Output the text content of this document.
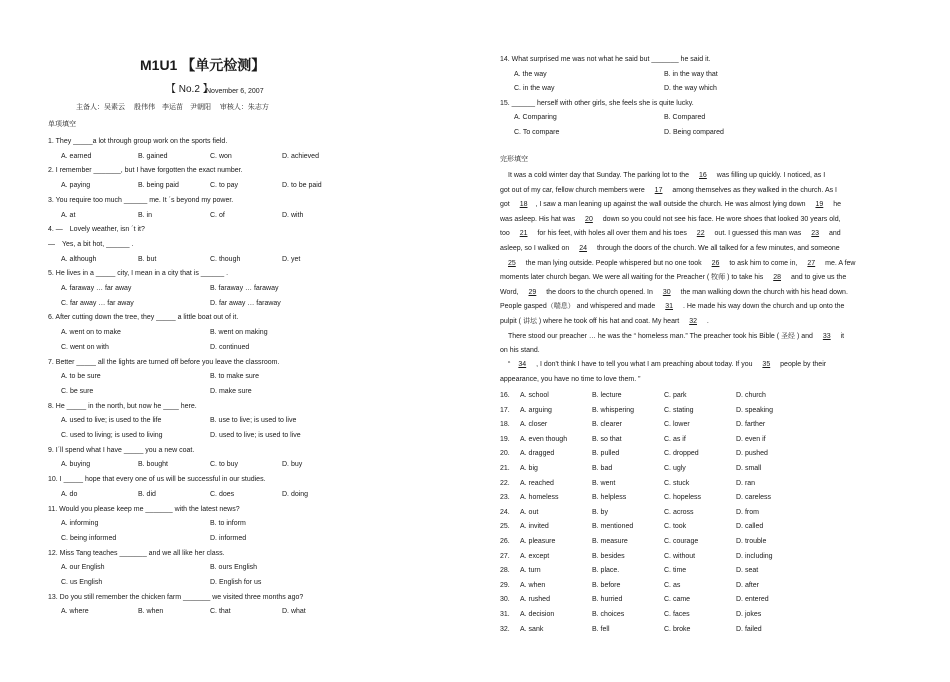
M1U1 【单元检测】
【 No.2 】
November 6, 2007
主备人：吴素云　 殷伟伟　李运苗　尹朝阳　 审核人：朱志方
单项填空
1. They _____a lot through group work on the sports field.
A. earned	B. gained	C. won	D. achieved
2. I remember _______, but I have forgotten the exact number.
A. paying	B. being paid	C. to pay	D. to be paid
3. You require too much ______ me. It ´s beyond my power.
A. at	B. in	C. of	D. with
4. —　Lovely weather, isn ´t it?
—　Yes, a bit hot, ______ .
A. although	B. but	C. though	D. yet
5. He lives in a _____ city, I mean in a city that is ______ .
A. faraway … far away	B. faraway … faraway
C. far away … far away	D. far away … faraway
6. After cutting down the tree, they _____ a little boat out of it.
A. went on to make	B. went on making
C. went on with	D. continued
7. Better _____ all the lights are turned off before you leave the classroom.
A. to be sure	B. to make sure
C. be sure	D. make sure
8. He _____ in the north, but now he ____ here.
A. used to live; is used to the life	B. use to live; is used to live
C. used to living; is used to living	D. used to live; is used to live
9. I´ll spend what I have _____ you a new coat.
A. buying	B. bought	C. to buy	D. buy
10. I _____ hope that every one of us will be successful in our studies.
A. do	B. did	C. does	D. doing
11. Would you please keep me _______ with the latest news?
A. informing	B. to inform
C. being informed	D. informed
12. Miss Tang teaches _______ and we all like her class.
A. our English	B. ours English
C. us English	D. English for us
13. Do you still remember the chicken farm _______ we visited three months ago?
A. where	B. when	C. that	D. what
14. What surprised me was not what he said but _______ he said it.
A. the way	B. in the way that
C. in the way	D. the way which
15. ______ herself with other girls, she feels she is quite lucky.
A. Comparing	B. Compared
C. To compare	D. Being compared
完形填空
It was a cold winter day that Sunday. The parking lot to the 16 was filling up quickly. I noticed, as I
got out of my car, fellow church members were 17 among themselves as they walked in the church. As I
got 18 , I saw a man leaning up against the wall outside the church. He was almost lying down 19 he
was asleep. His hat was 20 down so you could not see his face. He wore shoes that looked 30 years old,
too 21 for his feet, with holes all over them and his toes 22 out. I guessed this man was 23 and
asleep, so I walked on 24 through the doors of the church. We all talked for a few minutes, and someone
25 the man lying outside. People whispered but no one took 26 to ask him to come in, 27 me. A few
moments later church began. We were all waiting for the Preacher ( 牧师 ) to take his 28 and to give us the
Word, 29 the doors to the church opened. In 30 the man walking down the church with his head down.
People gasped（喘息） and whispered and made 31 . He made his way down the church and up onto the
pulpit ( 讲坛 ) where he took off his hat and coat. My heart 32 .
There stood our preacher … he was the “ homeless man.” The preacher took his Bible ( 圣经 ) and 33 it
on his stand.
“ 34 , I don't think I have to tell you what I am preaching about today. If you 35 people by their
appearance, you have no time to love them. ”
16. A. school	B. lecture	C. park	D. church
17. A. arguing	B. whispering	C. stating	D. speaking
18. A. closer	B. clearer	C. lower	D. farther
19. A. even though	B. so that	C. as if	D. even if
20. A. dragged	B. pulled	C. dropped	D. pushed
21. A. big	B. bad	C. ugly	D. small
22. A. reached	B. went	C. stuck	D. ran
23. A. homeless	B. helpless	C. hopeless	D. careless
24. A. out	B. by	C. across	D. from
25. A. invited	B. mentioned	C. took	D. called
26. A. pleasure	B. measure	C. courage	D. trouble
27. A. except	B. besides	C. without	D. including
28. A. turn	B. place.	C. time	D. seat
29. A. when	B. before	C. as	D. after
30. A. rushed	B. hurried	C. came	D. entered
31. A. decision	B. choices	C. faces	D. jokes
32. A. sank	B. fell	C. broke	D. failed
